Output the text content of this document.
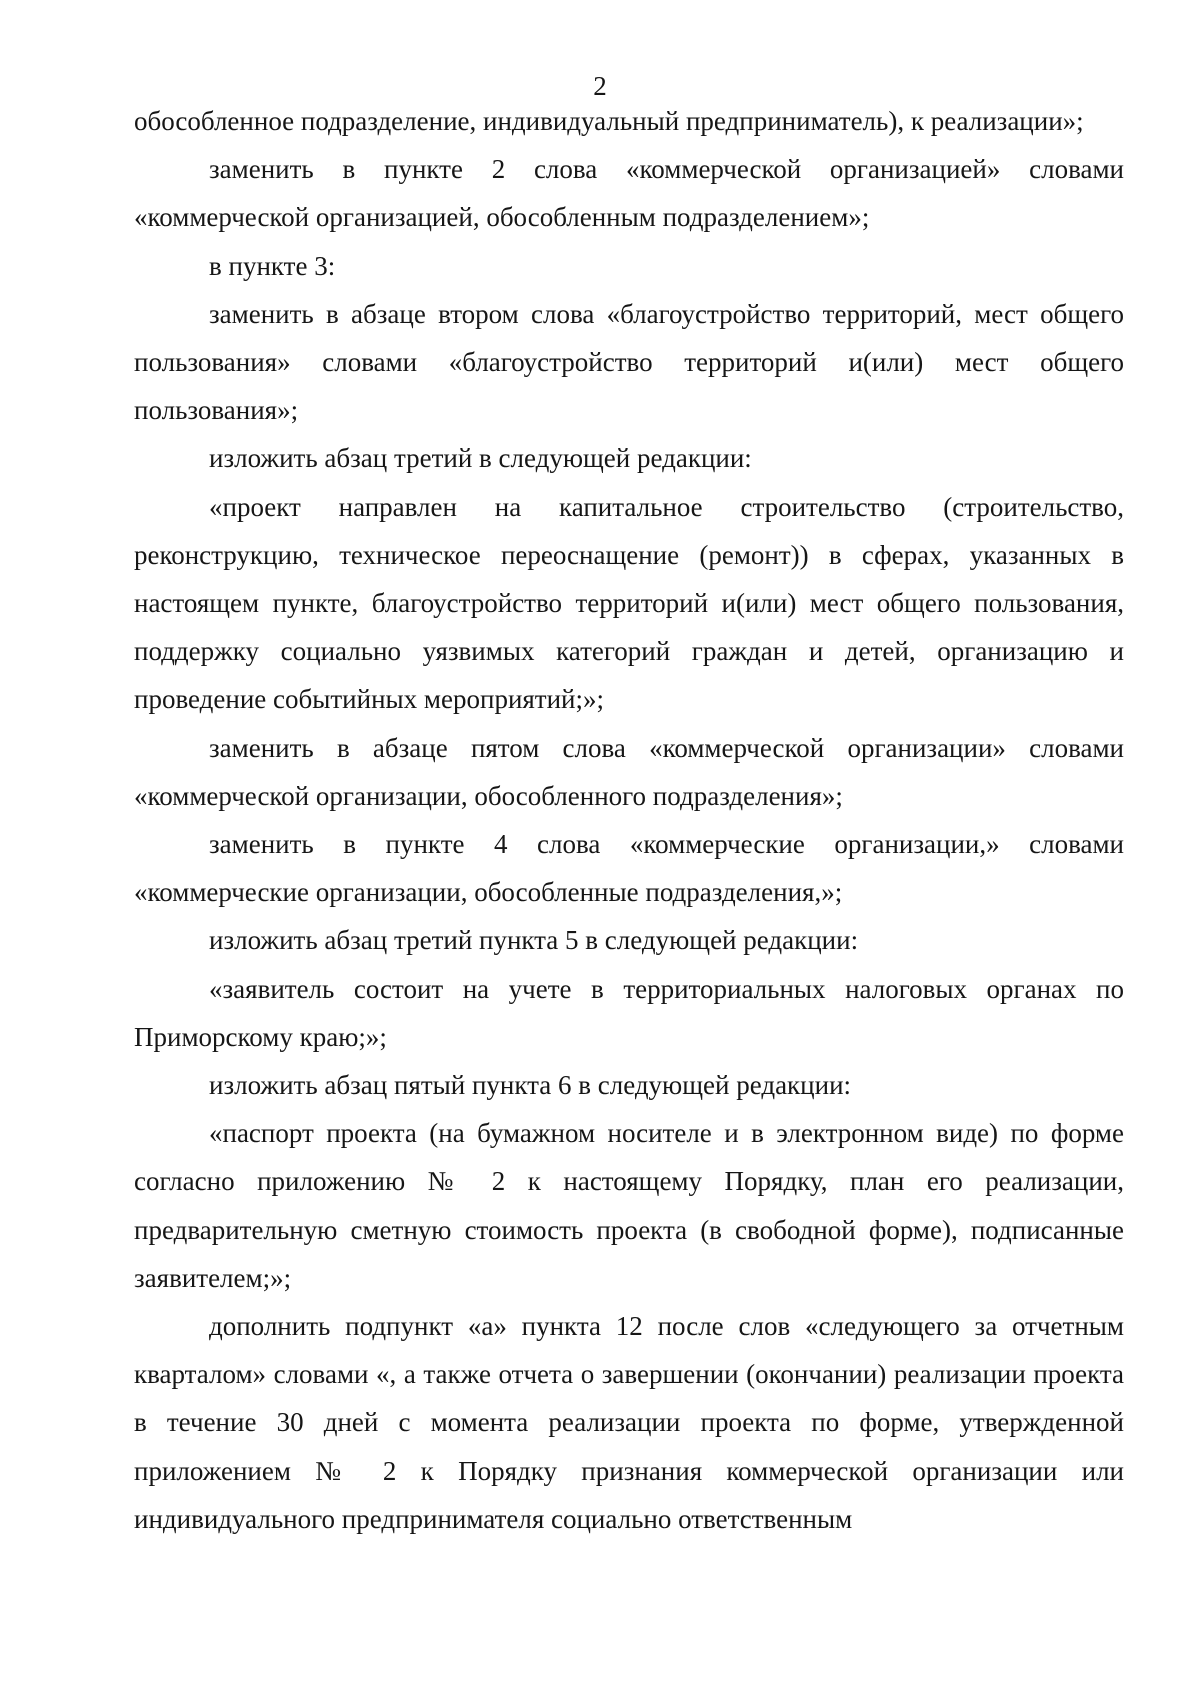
2

обособленное подразделение, индивидуальный предприниматель), к реализации»;

заменить в пункте 2 слова «коммерческой организацией» словами «коммерческой организацией, обособленным подразделением»;

в пункте 3:

заменить в абзаце втором слова «благоустройство территорий, мест общего пользования» словами «благоустройство территорий и(или) мест общего пользования»;

изложить абзац третий в следующей редакции:

«проект направлен на капитальное строительство (строительство, реконструкцию, техническое переоснащение (ремонт)) в сферах, указанных в настоящем пункте, благоустройство территорий и(или) мест общего пользования, поддержку социально уязвимых категорий граждан и детей, организацию и проведение событийных мероприятий;»;

заменить в абзаце пятом слова «коммерческой организации» словами «коммерческой организации, обособленного подразделения»;

заменить в пункте 4 слова «коммерческие организации,» словами «коммерческие организации, обособленные подразделения,»;

изложить абзац третий пункта 5 в следующей редакции:

«заявитель состоит на учете в территориальных налоговых органах по Приморскому краю;»;

изложить абзац пятый пункта 6 в следующей редакции:

«паспорт проекта (на бумажном носителе и в электронном виде) по форме согласно приложению № 2 к настоящему Порядку, план его реализации, предварительную сметную стоимость проекта (в свободной форме), подписанные заявителем;»;

дополнить подпункт «а» пункта 12 после слов «следующего за отчетным кварталом» словами «, а также отчета о завершении (окончании) реализации проекта в течение 30 дней с момента реализации проекта по форме, утвержденной приложением № 2 к Порядку признания коммерческой организации или индивидуального предпринимателя социально ответственным
